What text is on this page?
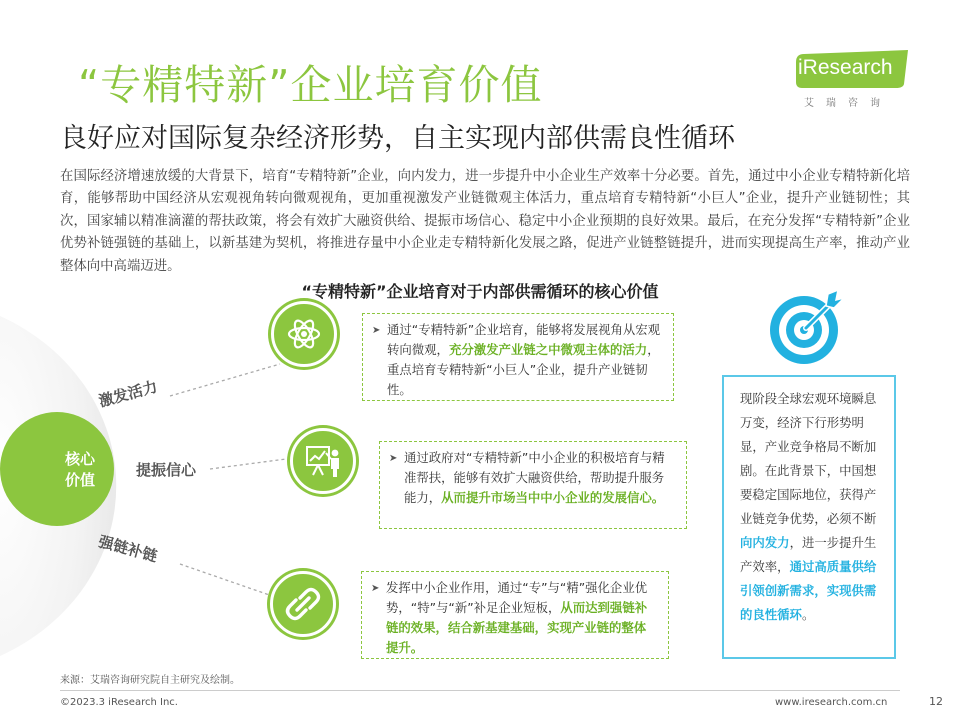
“专精特新”企业培育价值	iResearch
艾瑞咨询
良好应对国际复杂经济形势，自主实现内部供需良性循环

在国际经济增速放缓的大背景下，培育“专精特新”企业，向内发力，进一步提升中小企业生产效率十分必要。首先，通过中小企业专精特新化培育，能够帮助中国经济从宏观视角转向微观视角，更加重视激发产业链微观主体活力，重点培育专精特新“小巨人”企业，提升产业链韧性；其次，国家辅以精准滴灌的帮扶政策，将会有效扩大融资供给、提振市场信心、稳定中小企业预期的良好效果。最后，在充分发挥“专精特新”企业优势补链强链的基础上，以新基建为契机，将推进存量中小企业走专精特新化发展之路，促进产业链整链提升，进而实现提高生产率，推动产业整体向中高端迈进。

“专精特新”企业培育对于内部供需循环的核心价值
核心
价值
激发活力
提振信心
强链补链
➤ 通过“专精特新”企业培育，能够将发展视角从宏观转向微观，充分激发产业链之中微观主体的活力，重点培育专精特新“小巨人”企业，提升产业链韧性。
➤ 通过政府对“专精特新”中小企业的积极培育与精准帮扶，能够有效扩大融资供给，帮助提升服务能力，从而提升市场当中中小企业的发展信心。
➤ 发挥中小企业作用，通过“专”与“精”强化企业优势，“特”与“新”补足企业短板，从而达到强链补链的效果，结合新基建基础，实现产业链的整体提升。
现阶段全球宏观环境瞬息万变，经济下行形势明显，产业竞争格局不断加剧。在此背景下，中国想要稳定国际地位，获得产业链竞争优势，必须不断向内发力，进一步提升生产效率，通过高质量供给引领创新需求，实现供需的良性循环。
来源：艾瑞咨询研究院自主研究及绘制。
©2023.3 iResearch Inc.	www.iresearch.com.cn	12
